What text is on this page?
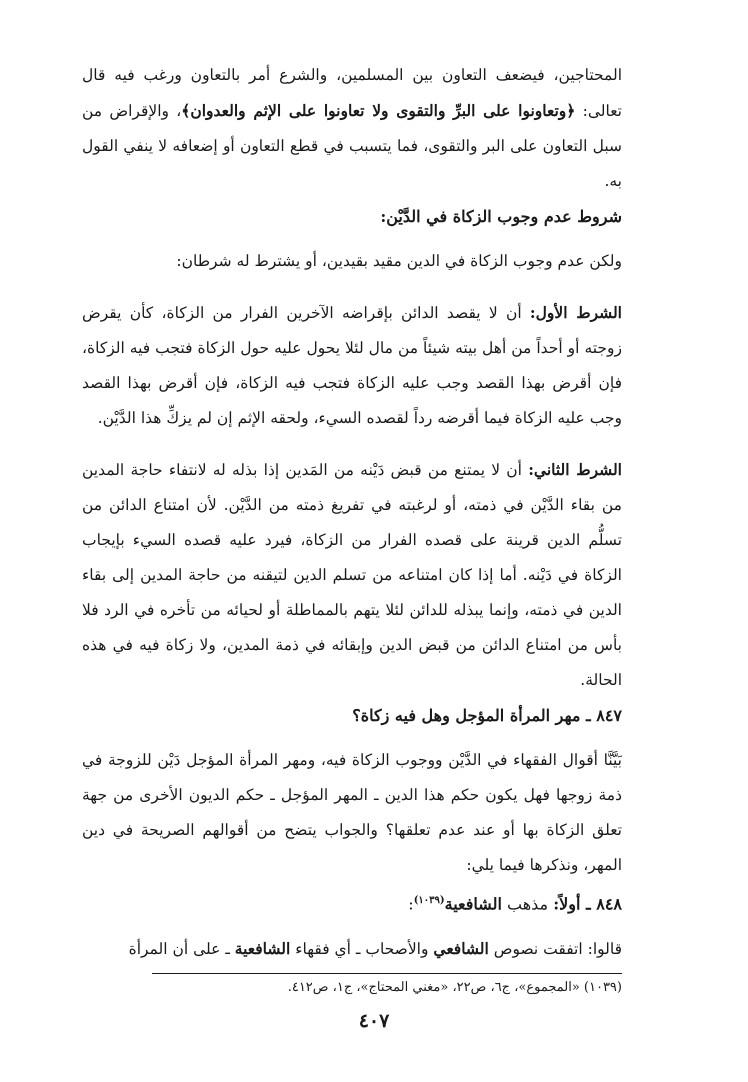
المحتاجين، فيضعف التعاون بين المسلمين، والشرع أمر بالتعاون ورغب فيه قال تعالى: ﴿وتعاونوا على البرِّ والتقوى ولا تعاونوا على الإثم والعدوان﴾، والإقراض من سبل التعاون على البر والتقوى، فما يتسبب في قطع التعاون أو إضعافه لا ينفي القول به.

شروط عدم وجوب الزكاة في الدَّيْن:

ولكن عدم وجوب الزكاة في الدين مقيد بقيدين، أو يشترط له شرطان:

الشرط الأول: أن لا يقصد الدائن بإقراضه الآخرين الفرار من الزكاة، كأن يقرض زوجته أو أحداً من أهل بيته شيئاً من مال لئلا يحول عليه حول الزكاة فتجب فيه الزكاة، فإن أقرض بهذا القصد وجب عليه الزكاة فتجب فيه الزكاة، فإن أقرض بهذا القصد وجب عليه الزكاة فيما أقرضه رداً لقصده السيء، ولحقه الإثم إن لم يزكِّ هذا الدَّيْن.

الشرط الثاني: أن لا يمتنع من قبض دَيْنه من المَدين إذا بذله له لانتفاء حاجة المدين من بقاء الدَّيْن في ذمته، أو لرغبته في تفريغ ذمته من الدَّيْن. لأن امتناع الدائن من تسلُّم الدين قرينة على قصده الفرار من الزكاة، فيرد عليه قصده السيء بإيجاب الزكاة في دَيْنه. أما إذا كان امتناعه من تسلم الدين لتيقنه من حاجة المدين إلى بقاء الدين في ذمته، وإنما يبذله للدائن لئلا يتهم بالمماطلة أو لحيائه من تأخره في الرد فلا بأس من امتناع الدائن من قبض الدين وإبقائه في ذمة المدين، ولا زكاة فيه في هذه الحالة.

٨٤٧ ـ مهر المرأة المؤجل وهل فيه زكاة؟

بَيَّنَّا أقوال الفقهاء في الدَّيْن ووجوب الزكاة فيه، ومهر المرأة المؤجل دَيْن للزوجة في ذمة زوجها فهل يكون حكم هذا الدين ـ المهر المؤجل ـ حكم الديون الأخرى من جهة تعلق الزكاة بها أو عند عدم تعلقها؟ والجواب يتضح من أقوالهم الصريحة في دين المهر، ونذكرها فيما يلي:

٨٤٨ ـ أولاً: مذهب الشافعية$^{(١٠٣٩)}$:

قالوا: اتفقت نصوص الشافعي والأصحاب ـ أي فقهاء الشافعية ـ على أن المرأة

(١٠٣٩) «المجموع»، ج٦، ص٢٢، «مغني المحتاج»، ج١، ص٤١٢.

٤٠٧
